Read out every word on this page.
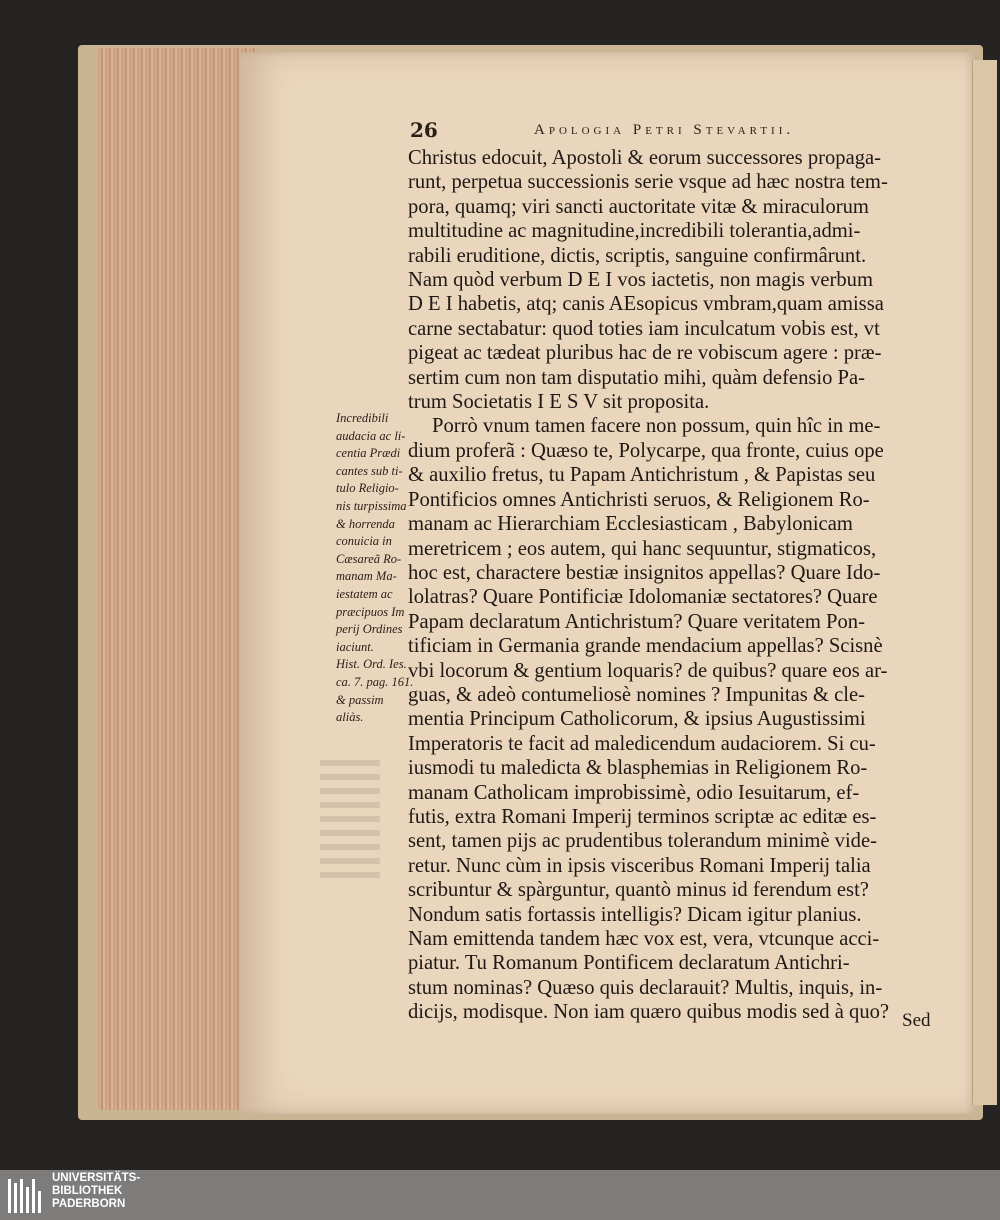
26	Apologia Petri Stevartii.
Christus edocuit, Apostoli & eorum successores propaga-
runt, perpetua successionis serie vsque ad hæc nostra tem-
pora, quamq; viri sancti auctoritate vitæ & miraculorum
multitudine ac magnitudine,incredibili tolerantia,admi-
rabili eruditione, dictis, scriptis, sanguine confirmârunt.
Nam quòd verbum D E I vos iactetis, non magis verbum
D E I habetis, atq; canis AEsopicus vmbram,quam amissa
carne sectabatur: quod toties iam inculcatum vobis est, vt
pigeat ac tædeat pluribus hac de re vobiscum agere : præ-
sertim cum non tam disputatio mihi, quàm defensio Pa-
trum Societatis I E S V sit proposita.
Porrò vnum tamen facere non possum, quin hîc in me-
dium proferã : Quæso te, Polycarpe, qua fronte, cuius ope
& auxilio fretus, tu Papam Antichristum , & Papistas seu
Pontificios omnes Antichristi seruos, & Religionem Ro-
manam ac Hierarchiam Ecclesiasticam , Babylonicam
meretricem ; eos autem, qui hanc sequuntur, stigmaticos,
hoc est, charactere bestiæ insignitos appellas? Quare Ido-
lolatras? Quare Pontificiæ Idolomaniæ sectatores? Quare
Papam declaratum Antichristum? Quare veritatem Pon-
tificiam in Germania grande mendacium appellas? Scisnè
vbi locorum & gentium loquaris? de quibus? quare eos ar-
guas, & adeò contumeliosè nomines ? Impunitas & cle-
mentia Principum Catholicorum, & ipsius Augustissimi
Imperatoris te facit ad maledicendum audaciorem. Si cu-
iusmodi tu maledicta & blasphemias in Religionem Ro-
manam Catholicam improbissimè, odio Iesuitarum, ef-
futis, extra Romani Imperij terminos scriptæ ac editæ es-
sent, tamen pijs ac prudentibus tolerandum minimè vide-
retur. Nunc cùm in ipsis visceribus Romani Imperij talia
scribuntur & spàrguntur, quantò minus id ferendum est?
Nondum satis fortassis intelligis? Dicam igitur planius.
Nam emittenda tandem hæc vox est, vera, vtcunque acci-
piatur. Tu Romanum Pontificem declaratum Antichri-
stum nominas? Quæso quis declarauit? Multis, inquis, in-
dicijs, modisque. Non iam quæro quibus modis sed à quo?
Incredibili
audacia ac li-
centia Prædi
cantes sub ti-
tulo Religio-
nis turpissima
& horrenda
conuicia in
Cæsareã Ro-
manam Ma-
iestatem ac
præcipuos Im
perij Ordines
iaciunt.
Hist. Ord. Ies.
ca. 7. pag. 161.
& passim
aliàs.
Sed
UNIVERSITÄTS-
BIBLIOTHEK
PADERBORN
